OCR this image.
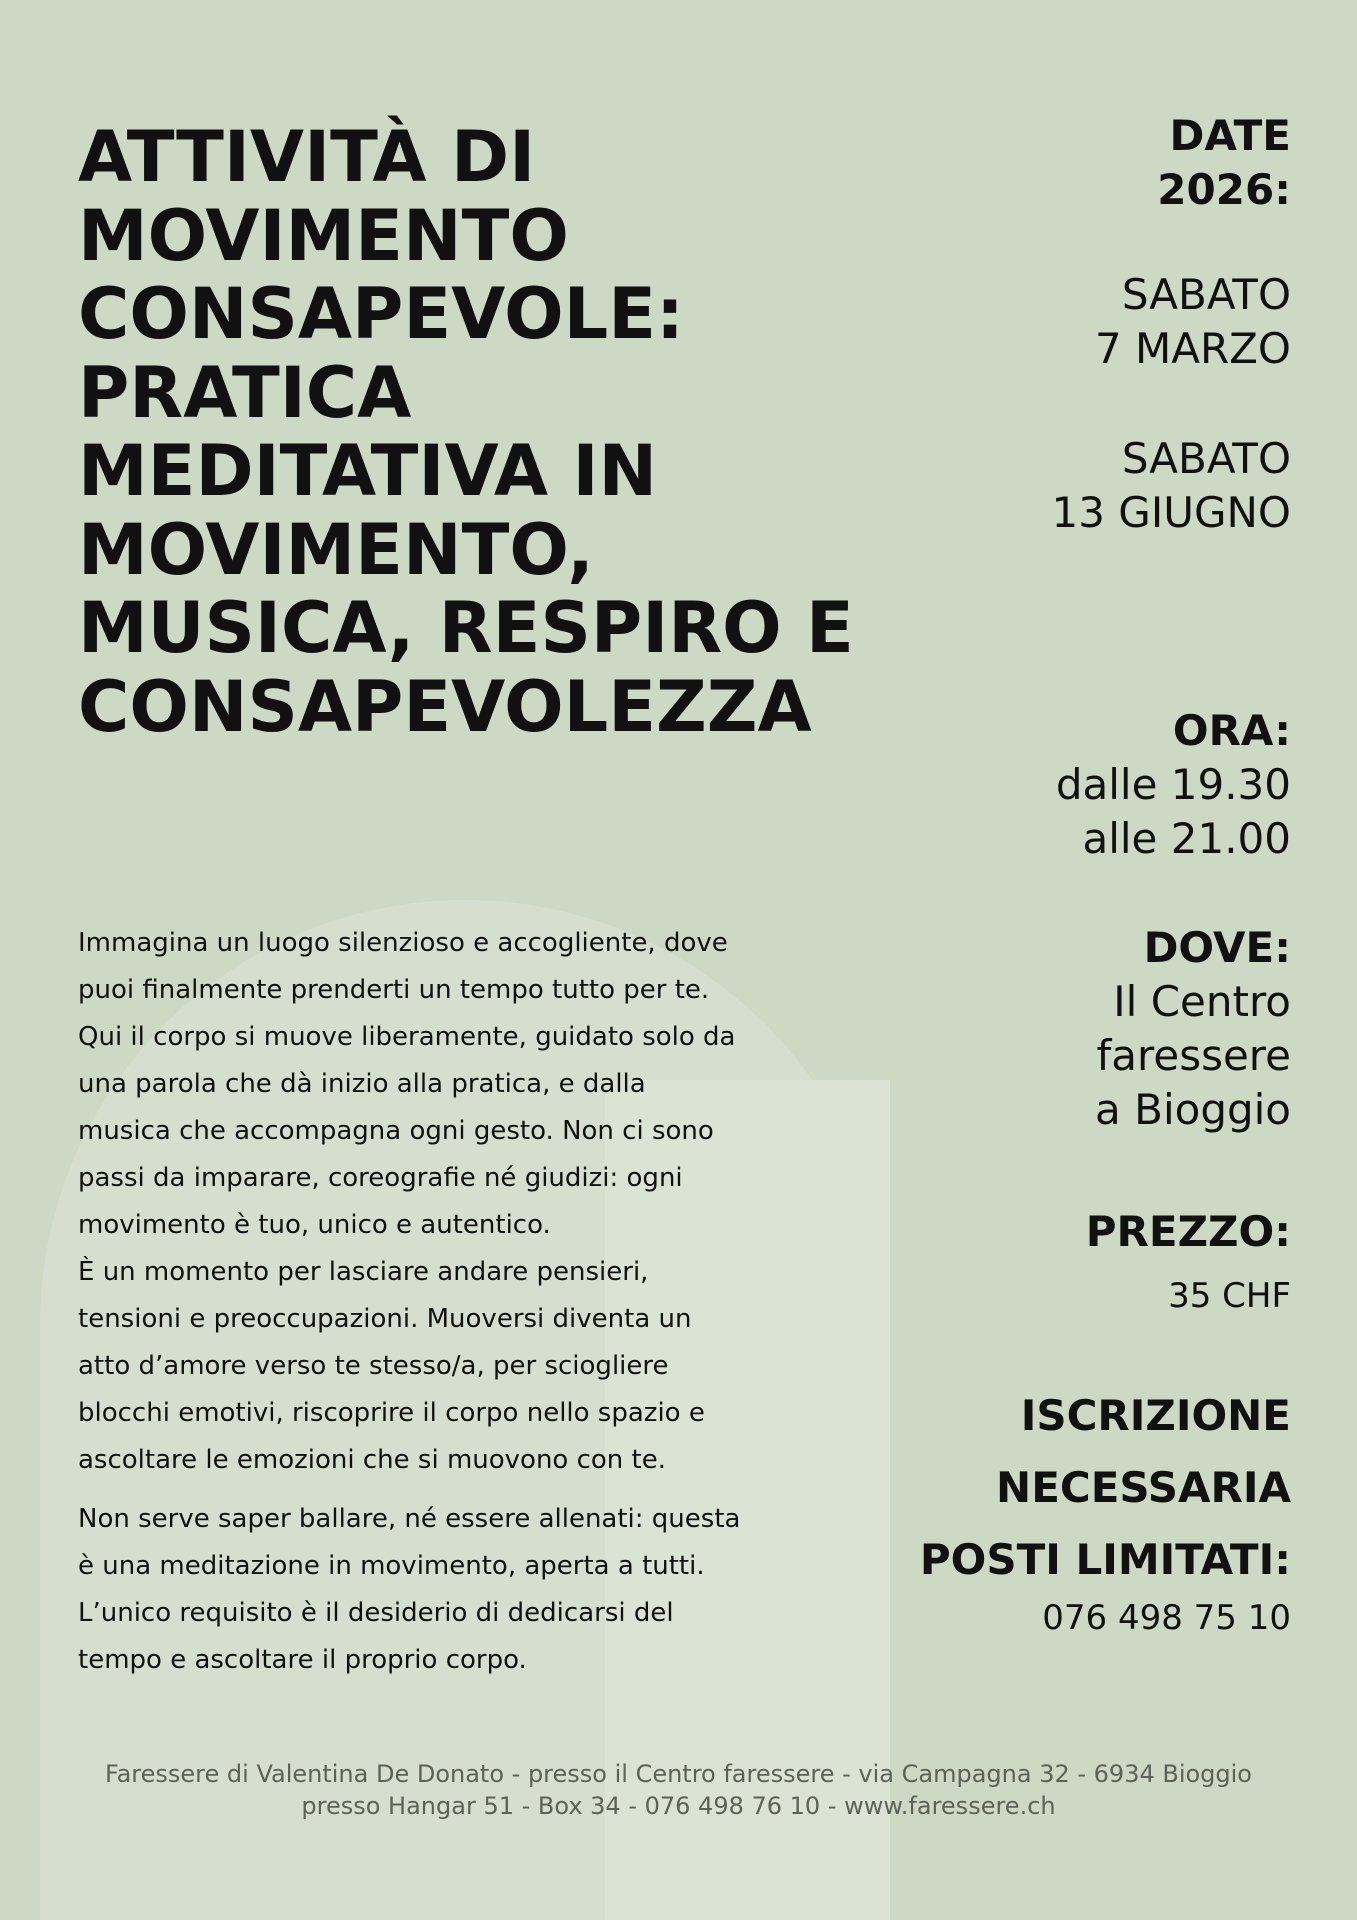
ATTIVITÀ DI
MOVIMENTO
CONSAPEVOLE:
PRATICA
MEDITATIVA IN
MOVIMENTO,
MUSICA, RESPIRO E
CONSAPEVOLEZZA

Immagina un luogo silenzioso e accogliente, dove
puoi finalmente prenderti un tempo tutto per te.
Qui il corpo si muove liberamente, guidato solo da
una parola che dà inizio alla pratica, e dalla
musica che accompagna ogni gesto. Non ci sono
passi da imparare, coreografie né giudizi: ogni
movimento è tuo, unico e autentico.
È un momento per lasciare andare pensieri,
tensioni e preoccupazioni. Muoversi diventa un
atto d’amore verso te stesso/a, per sciogliere
blocchi emotivi, riscoprire il corpo nello spazio e
ascoltare le emozioni che si muovono con te.

Non serve saper ballare, né essere allenati: questa
è una meditazione in movimento, aperta a tutti.
L’unico requisito è il desiderio di dedicarsi del
tempo e ascoltare il proprio corpo.

DATE
2026:
SABATO
7 MARZO
SABATO
13 GIUGNO
ORA:
dalle 19.30
alle 21.00
DOVE:
Il Centro
faressere
a Bioggio
PREZZO:
35 CHF
ISCRIZIONE
NECESSARIA
POSTI LIMITATI:
076 498 75 10
Faressere di Valentina De Donato - presso il Centro faressere - via Campagna 32 - 6934 Bioggio
presso Hangar 51 - Box 34 - 076 498 76 10 - www.faressere.ch
